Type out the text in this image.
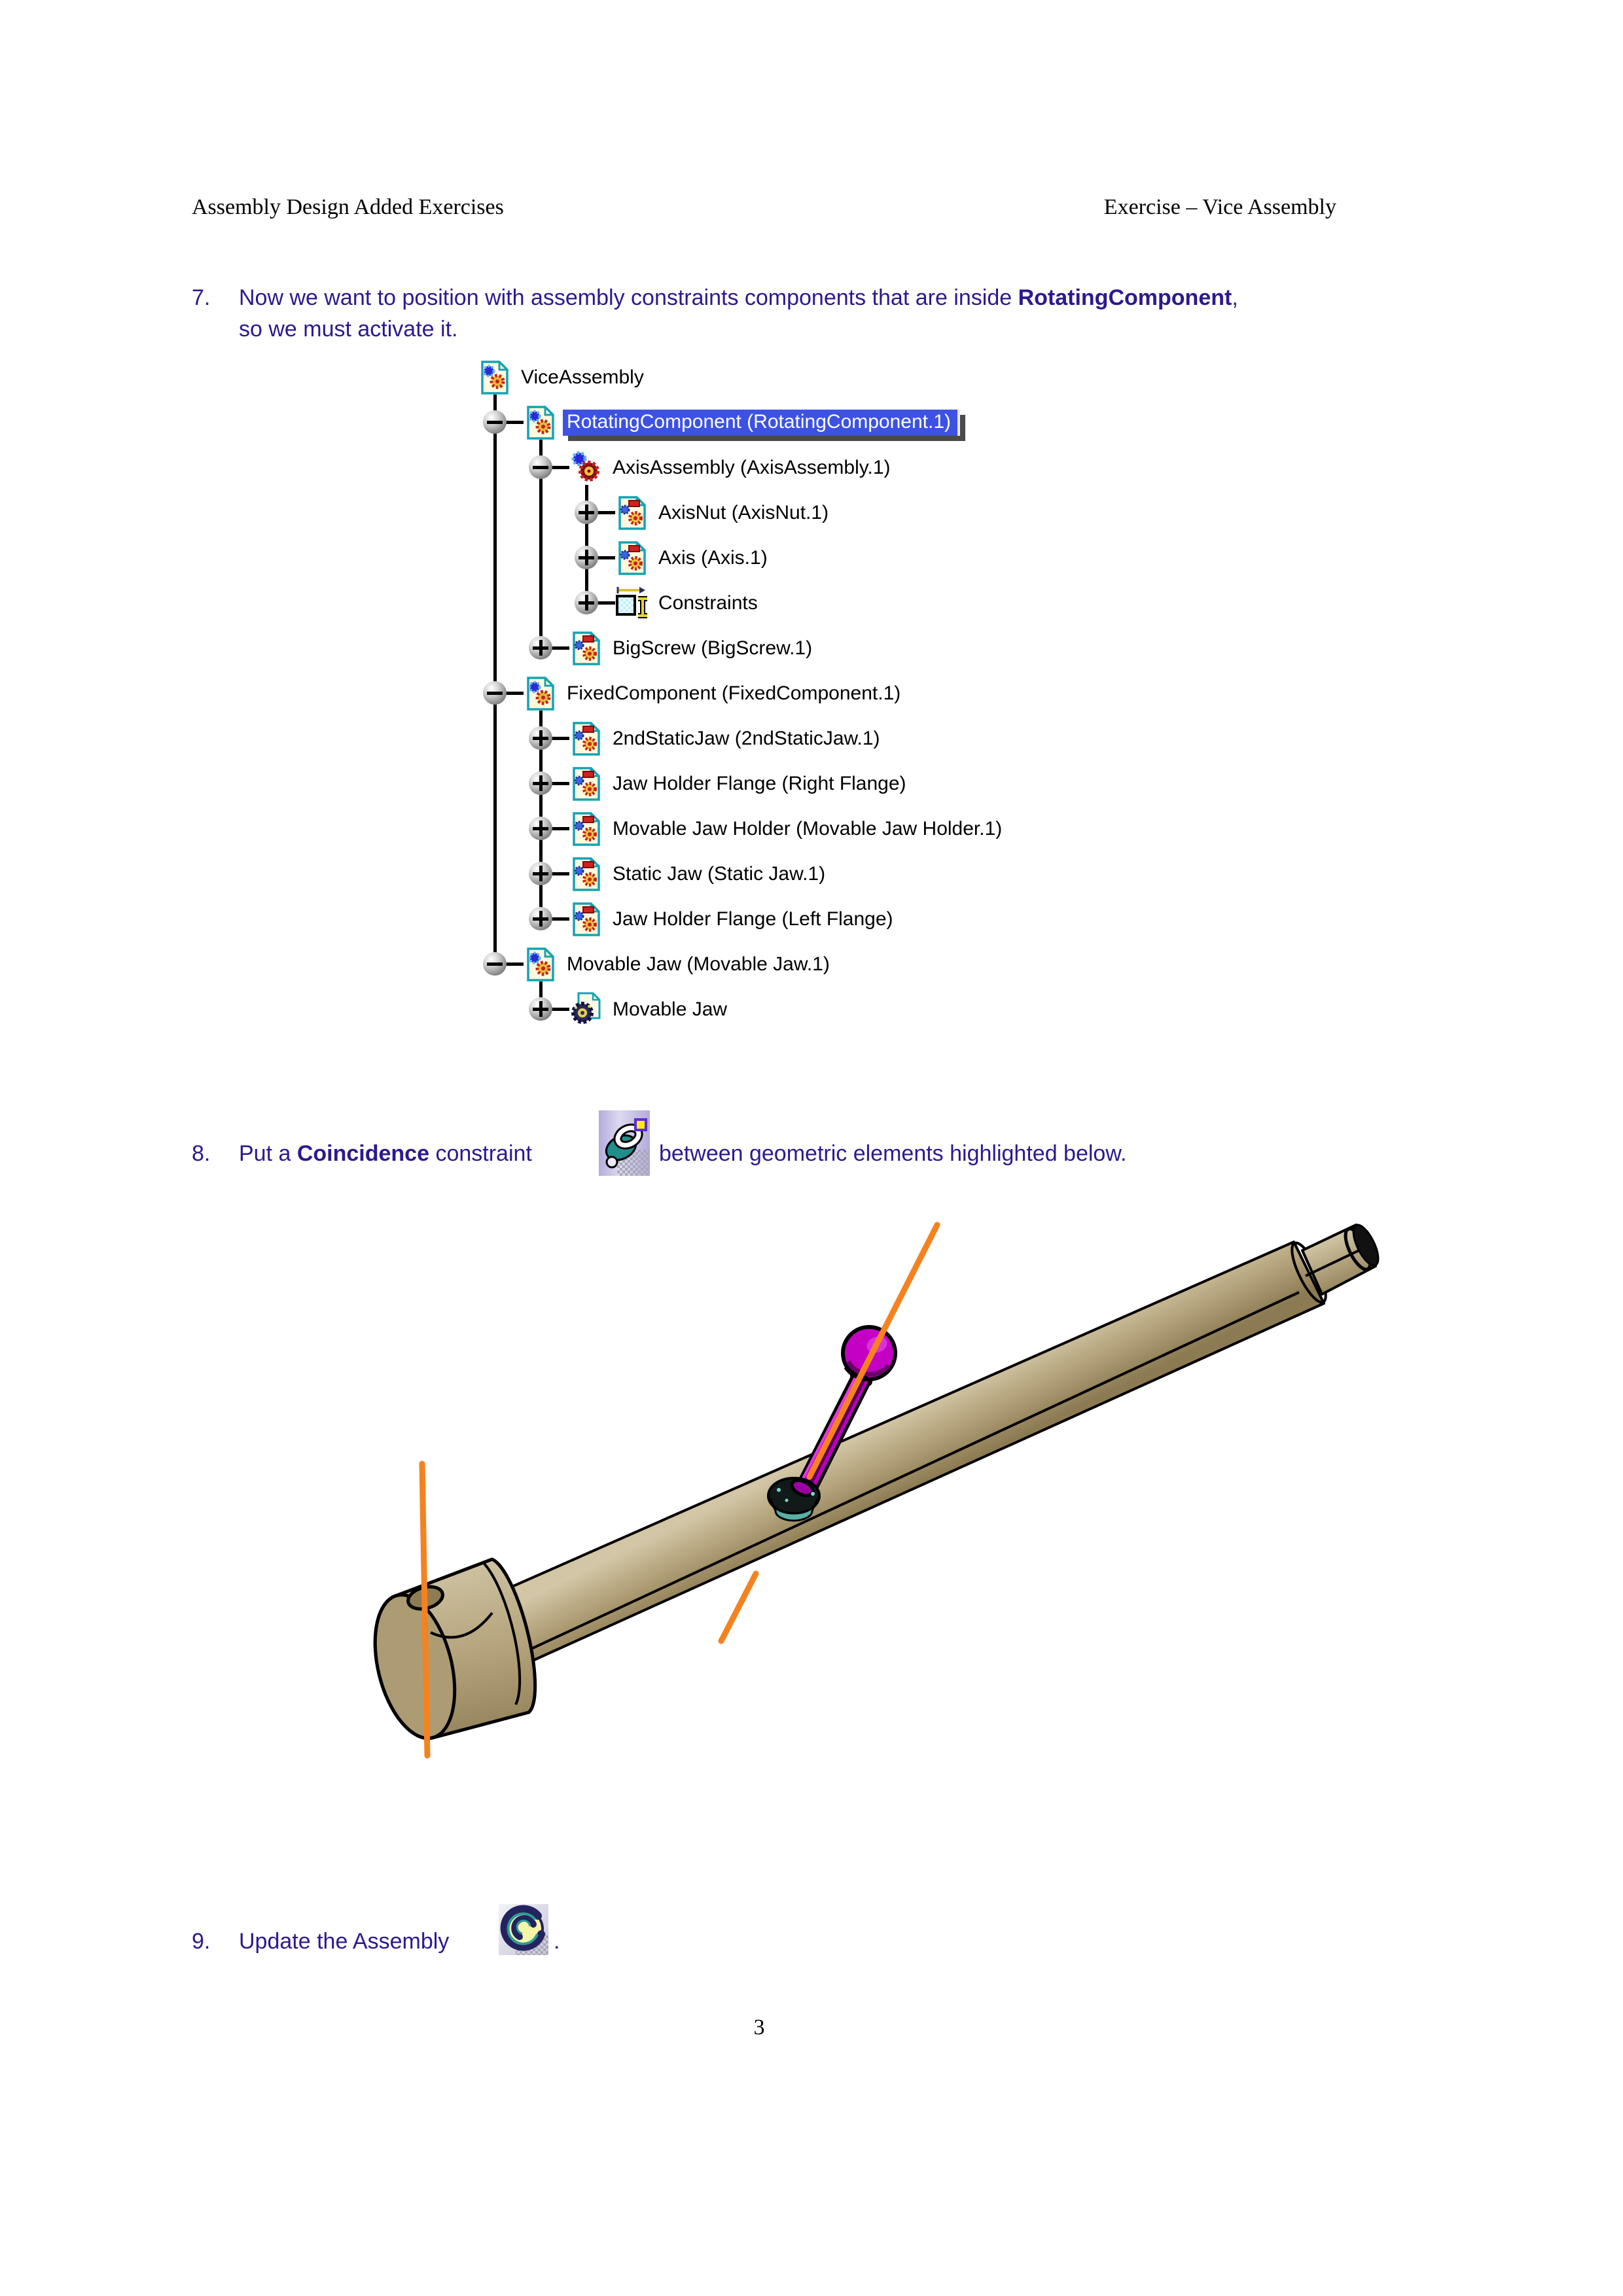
Assembly Design Added Exercises	Exercise – Vice Assembly
7. Now we want to position with assembly constraints components that are inside RotatingComponent,
so we must activate it.
ViceAssembly
RotatingComponent (RotatingComponent.1)
AxisAssembly (AxisAssembly.1)
AxisNut (AxisNut.1)
Axis (Axis.1)
Constraints
BigScrew (BigScrew.1)
FixedComponent (FixedComponent.1)
2ndStaticJaw (2ndStaticJaw.1)
Jaw Holder Flange (Right Flange)
Movable Jaw Holder (Movable Jaw Holder.1)
Static Jaw (Static Jaw.1)
Jaw Holder Flange (Left Flange)
Movable Jaw (Movable Jaw.1)
Movable Jaw
8. Put a Coincidence constraint	between geometric elements highlighted below.
9. Update the Assembly	.
3
